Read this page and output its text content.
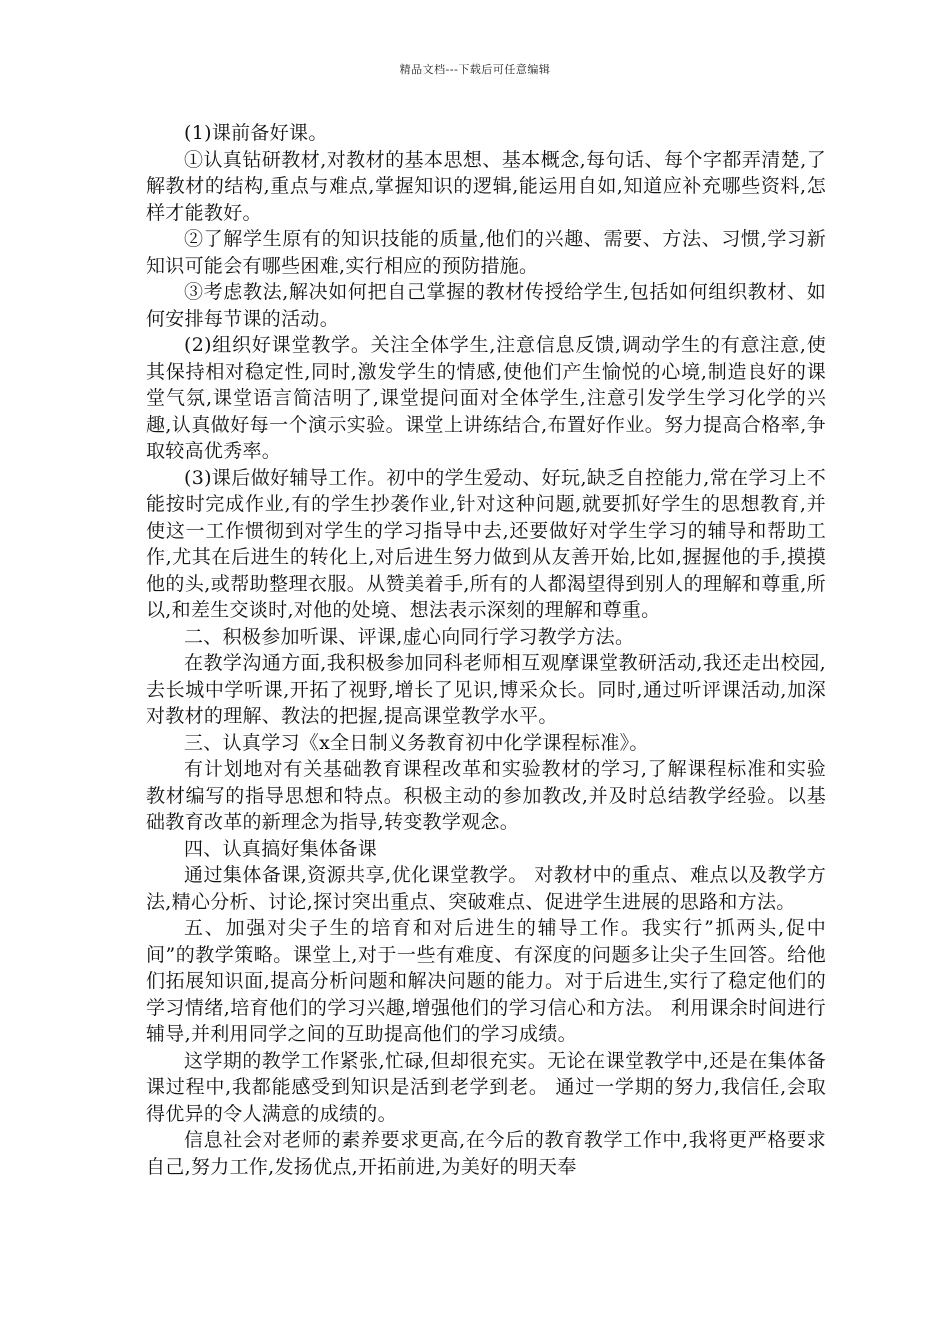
精品文档---下载后可任意编辑

(1)课前备好课。

①认真钻研教材,对教材的基本思想、基本概念,每句话、每个字都弄清楚,了解教材的结构,重点与难点,掌握知识的逻辑,能运用自如,知道应补充哪些资料,怎样才能教好。

②了解学生原有的知识技能的质量,他们的兴趣、需要、方法、习惯,学习新知识可能会有哪些困难,实行相应的预防措施。

③考虑教法,解决如何把自己掌握的教材传授给学生,包括如何组织教材、如何安排每节课的活动。

(2)组织好课堂教学。关注全体学生,注意信息反馈,调动学生的有意注意,使其保持相对稳定性,同时,激发学生的情感,使他们产生愉悦的心境,制造良好的课堂气氛,课堂语言简洁明了,课堂提问面对全体学生,注意引发学生学习化学的兴趣,认真做好每一个演示实验。课堂上讲练结合,布置好作业。努力提高合格率,争取较高优秀率。

(3)课后做好辅导工作。初中的学生爱动、好玩,缺乏自控能力,常在学习上不能按时完成作业,有的学生抄袭作业,针对这种问题,就要抓好学生的思想教育,并使这一工作惯彻到对学生的学习指导中去,还要做好对学生学习的辅导和帮助工作,尤其在后进生的转化上,对后进生努力做到从友善开始,比如,握握他的手,摸摸他的头,或帮助整理衣服。从赞美着手,所有的人都渴望得到别人的理解和尊重,所以,和差生交谈时,对他的处境、想法表示深刻的理解和尊重。

二、积极参加听课、评课,虚心向同行学习教学方法。

在教学沟通方面,我积极参加同科老师相互观摩课堂教研活动,我还走出校园,去长城中学听课,开拓了视野,增长了见识,博采众长。同时,通过听评课活动,加深对教材的理解、教法的把握,提高课堂教学水平。

三、认真学习《x全日制义务教育初中化学课程标准》。

有计划地对有关基础教育课程改革和实验教材的学习,了解课程标准和实验教材编写的指导思想和特点。积极主动的参加教改,并及时总结教学经验。以基础教育改革的新理念为指导,转变教学观念。

四、认真搞好集体备课

通过集体备课,资源共享,优化课堂教学。 对教材中的重点、难点以及教学方法,精心分析、讨论,探讨突出重点、突破难点、促进学生进展的思路和方法。

五、加强对尖子生的培育和对后进生的辅导工作。我实行”抓两头,促中间”的教学策略。课堂上,对于一些有难度、有深度的问题多让尖子生回答。给他们拓展知识面,提高分析问题和解决问题的能力。对于后进生,实行了稳定他们的学习情绪,培育他们的学习兴趣,增强他们的学习信心和方法。 利用课余时间进行辅导,并利用同学之间的互助提高他们的学习成绩。

这学期的教学工作紧张,忙碌,但却很充实。无论在课堂教学中,还是在集体备课过程中,我都能感受到知识是活到老学到老。 通过一学期的努力,我信任,会取得优异的令人满意的成绩的。

信息社会对老师的素养要求更高,在今后的教育教学工作中,我将更严格要求自己,努力工作,发扬优点,开拓前进,为美好的明天奉
